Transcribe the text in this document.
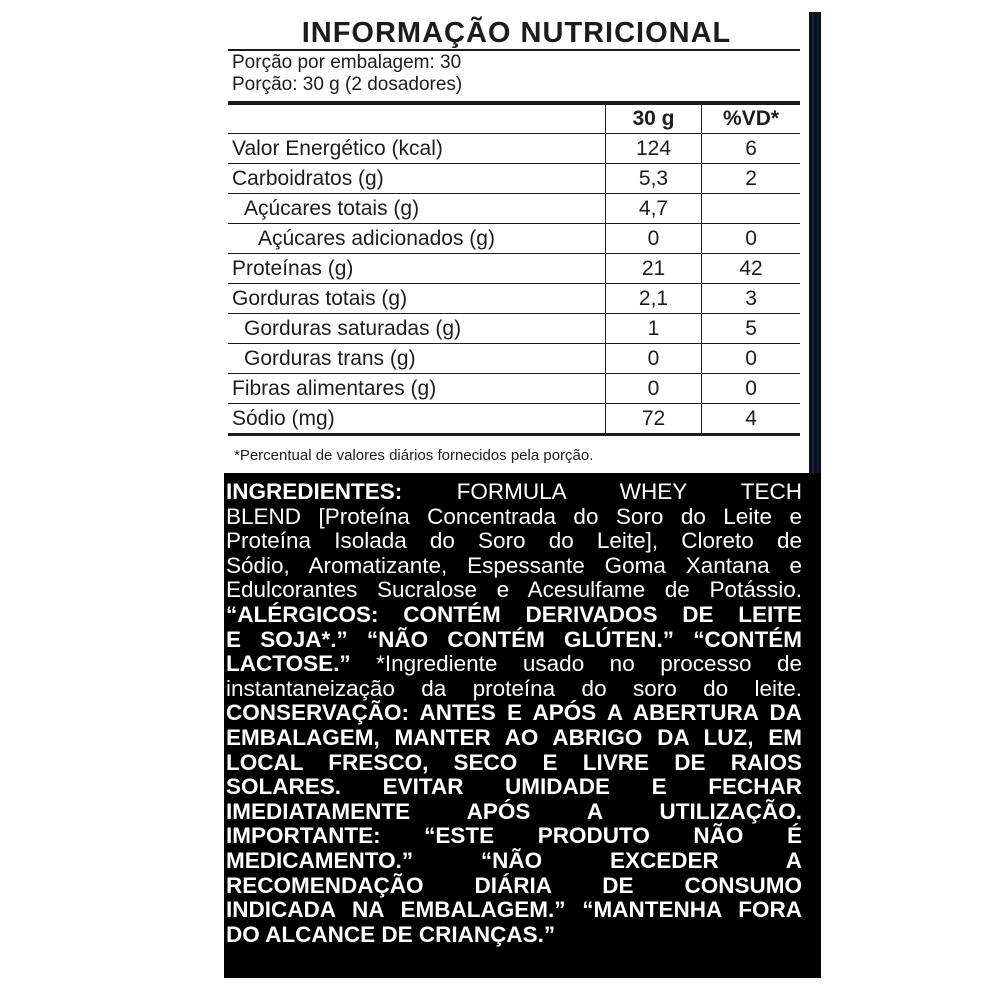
INFORMAÇÃO NUTRICIONAL
Porção por embalagem: 30
Porção: 30 g (2 dosadores)
	30 g	%VD*
Valor Energético (kcal)	124	6
Carboidratos (g)	5,3	2
Açúcares totais (g)	4,7	
Açúcares adicionados (g)	0	0
Proteínas (g)	21	42
Gorduras totais (g)	2,1	3
Gorduras saturadas (g)	1	5
Gorduras trans (g)	0	0
Fibras alimentares (g)	0	0
Sódio (mg)	72	4
*Percentual de valores diários fornecidos pela porção.
INGREDIENTES: FORMULA WHEY TECH
BLEND [Proteína Concentrada do Soro do Leite e
Proteína Isolada do Soro do Leite], Cloreto de
Sódio, Aromatizante, Espessante Goma Xantana e
Edulcorantes Sucralose e Acesulfame de Potássio.
“ALÉRGICOS: CONTÉM DERIVADOS DE LEITE
E SOJA*.” “NÃO CONTÉM GLÚTEN.” “CONTÉM
LACTOSE.” *Ingrediente usado no processo de
instantaneização da proteína do soro do leite.
CONSERVAÇÃO: ANTES E APÓS A ABERTURA DA
EMBALAGEM, MANTER AO ABRIGO DA LUZ, EM
LOCAL FRESCO, SECO E LIVRE DE RAIOS
SOLARES. EVITAR UMIDADE E FECHAR
IMEDIATAMENTE APÓS A UTILIZAÇÃO.
IMPORTANTE: “ESTE PRODUTO NÃO É
MEDICAMENTO.” “NÃO EXCEDER A
RECOMENDAÇÃO DIÁRIA DE CONSUMO
INDICADA NA EMBALAGEM.” “MANTENHA FORA
DO ALCANCE DE CRIANÇAS.”
